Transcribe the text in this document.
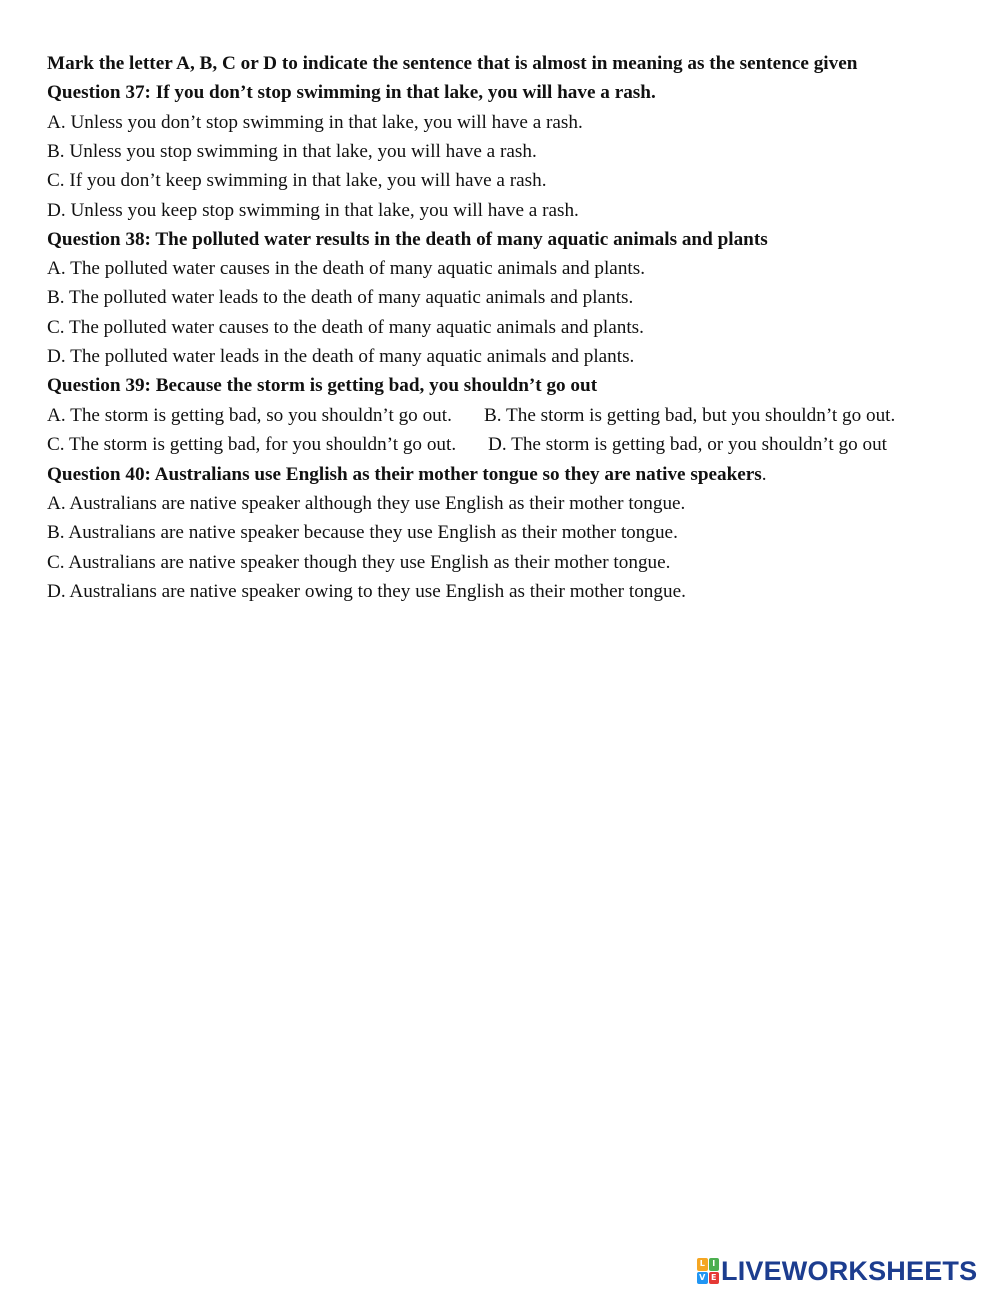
Mark the letter A, B, C or D to indicate the sentence that is almost in meaning as the sentence given
Question 37: If you don’t stop swimming in that lake, you will have a rash.
A. Unless you don’t stop swimming in that lake, you will have a rash.
B. Unless you stop swimming in that lake, you will have a rash.
C. If you don’t keep swimming in that lake, you will have a rash.
D. Unless you keep stop swimming in that lake, you will have a rash.
Question 38: The polluted water results in the death of many aquatic animals and plants
A. The polluted water causes in the death of many aquatic animals and plants.
B. The polluted water leads to the death of many aquatic animals and plants.
C. The polluted water causes to the death of many aquatic animals and plants.
D. The polluted water leads in the death of many aquatic animals and plants.
Question 39: Because the storm is getting bad, you shouldn’t go out
A. The storm is getting bad, so you shouldn’t go out. B. The storm is getting bad, but you shouldn’t go out.
C. The storm is getting bad, for you shouldn’t go out. D. The storm is getting bad, or you shouldn’t go out
Question 40: Australians use English as their mother tongue so they are native speakers.
A. Australians are native speaker although they use English as their mother tongue.
B. Australians are native speaker because they use English as their mother tongue.
C. Australians are native speaker though they use English as their mother tongue.
D. Australians are native speaker owing to they use English as their mother tongue.
L I
V E LIVEWORKSHEETS
